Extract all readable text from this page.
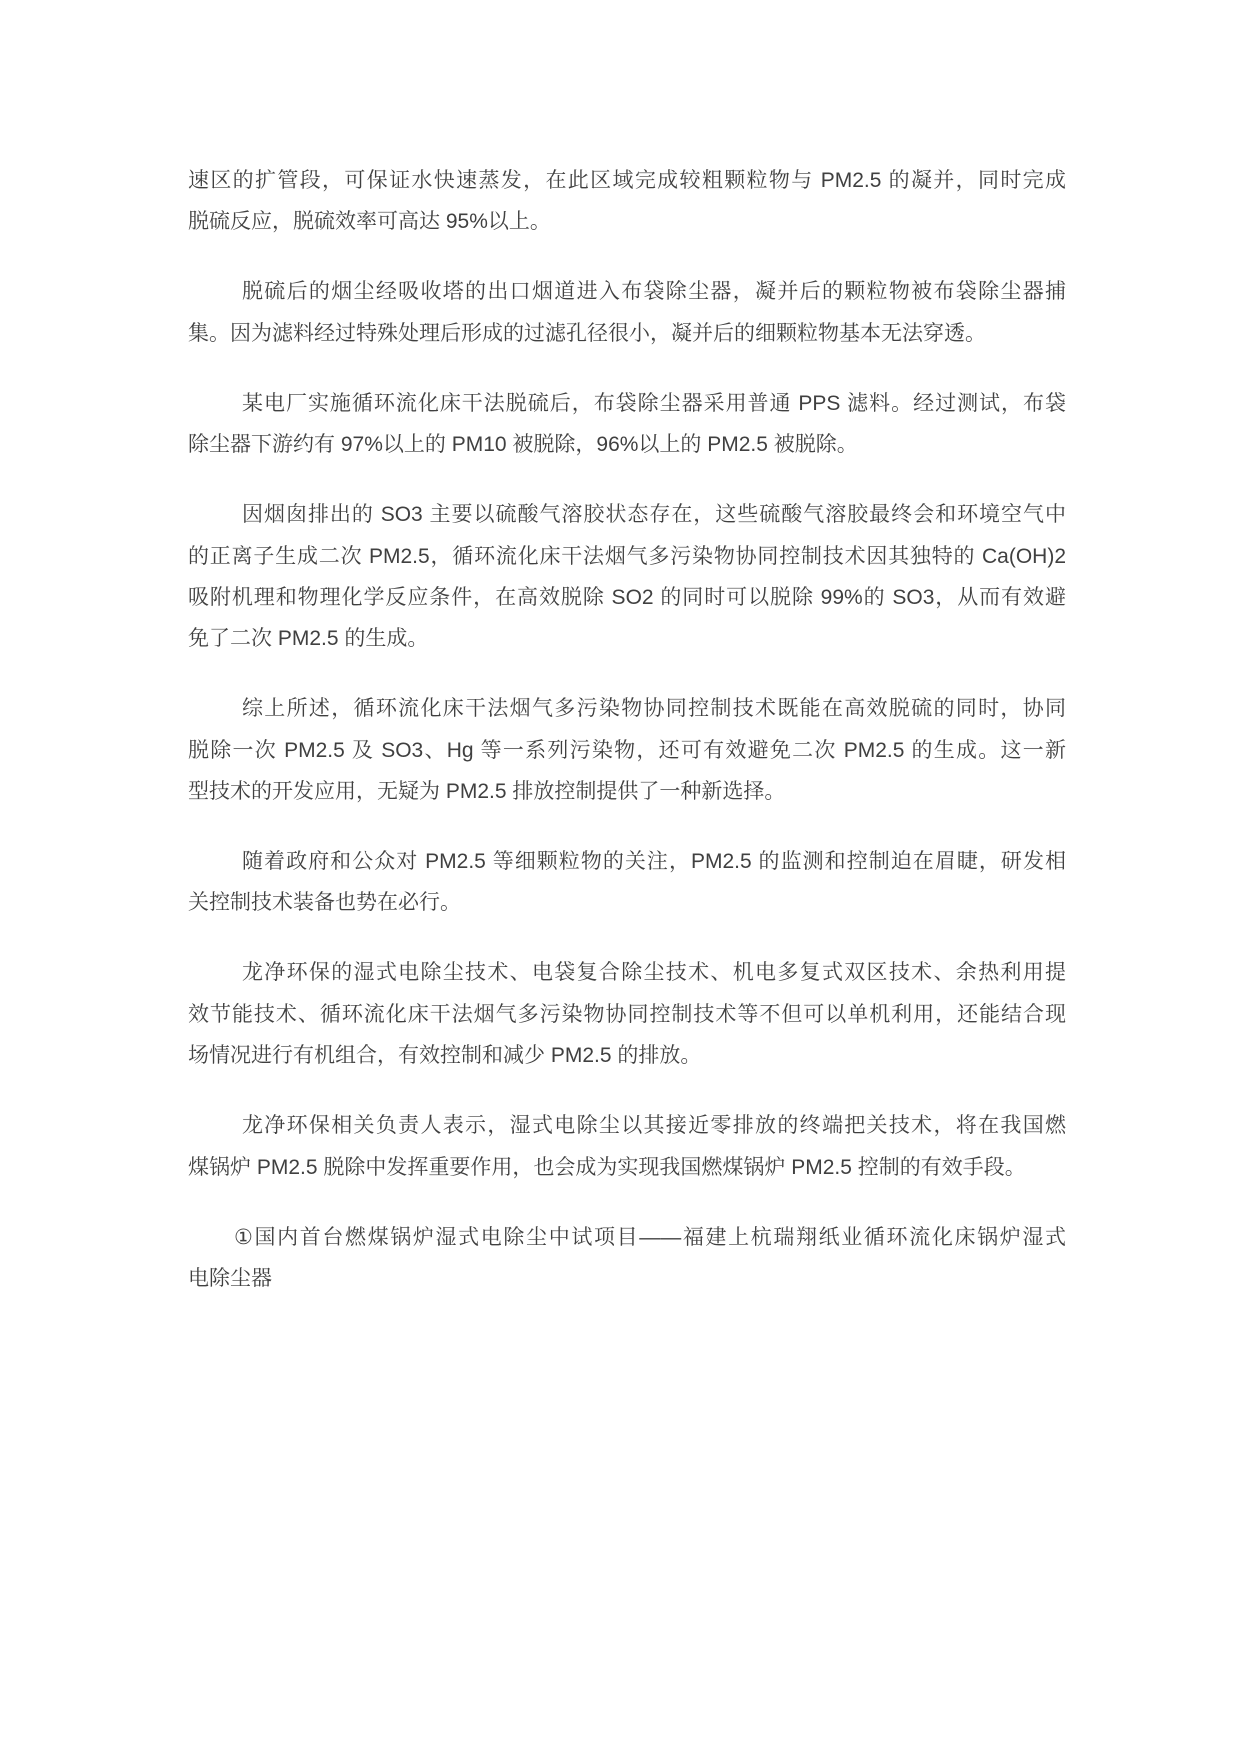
速区的扩管段，可保证水快速蒸发，在此区域完成较粗颗粒物与 PM2.5 的凝并，同时完成
脱硫反应，脱硫效率可高达 95%以上。
脱硫后的烟尘经吸收塔的出口烟道进入布袋除尘器，凝并后的颗粒物被布袋除尘器捕
集。因为滤料经过特殊处理后形成的过滤孔径很小，凝并后的细颗粒物基本无法穿透。
某电厂实施循环流化床干法脱硫后，布袋除尘器采用普通 PPS 滤料。经过测试，布袋
除尘器下游约有 97%以上的 PM10 被脱除，96%以上的 PM2.5 被脱除。
因烟囱排出的 SO3 主要以硫酸气溶胶状态存在，这些硫酸气溶胶最终会和环境空气中
的正离子生成二次 PM2.5，循环流化床干法烟气多污染物协同控制技术因其独特的 Ca(OH)2
吸附机理和物理化学反应条件，在高效脱除 SO2 的同时可以脱除 99%的 SO3，从而有效避
免了二次 PM2.5 的生成。
综上所述，循环流化床干法烟气多污染物协同控制技术既能在高效脱硫的同时，协同
脱除一次 PM2.5 及 SO3、Hg 等一系列污染物，还可有效避免二次 PM2.5 的生成。这一新
型技术的开发应用，无疑为 PM2.5 排放控制提供了一种新选择。
随着政府和公众对 PM2.5 等细颗粒物的关注，PM2.5 的监测和控制迫在眉睫，研发相
关控制技术装备也势在必行。
龙净环保的湿式电除尘技术、电袋复合除尘技术、机电多复式双区技术、余热利用提
效节能技术、循环流化床干法烟气多污染物协同控制技术等不但可以单机利用，还能结合现
场情况进行有机组合，有效控制和减少 PM2.5 的排放。
龙净环保相关负责人表示，湿式电除尘以其接近零排放的终端把关技术，将在我国燃
煤锅炉 PM2.5 脱除中发挥重要作用，也会成为实现我国燃煤锅炉 PM2.5 控制的有效手段。
①国内首台燃煤锅炉湿式电除尘中试项目——福建上杭瑞翔纸业循环流化床锅炉湿式
电除尘器
